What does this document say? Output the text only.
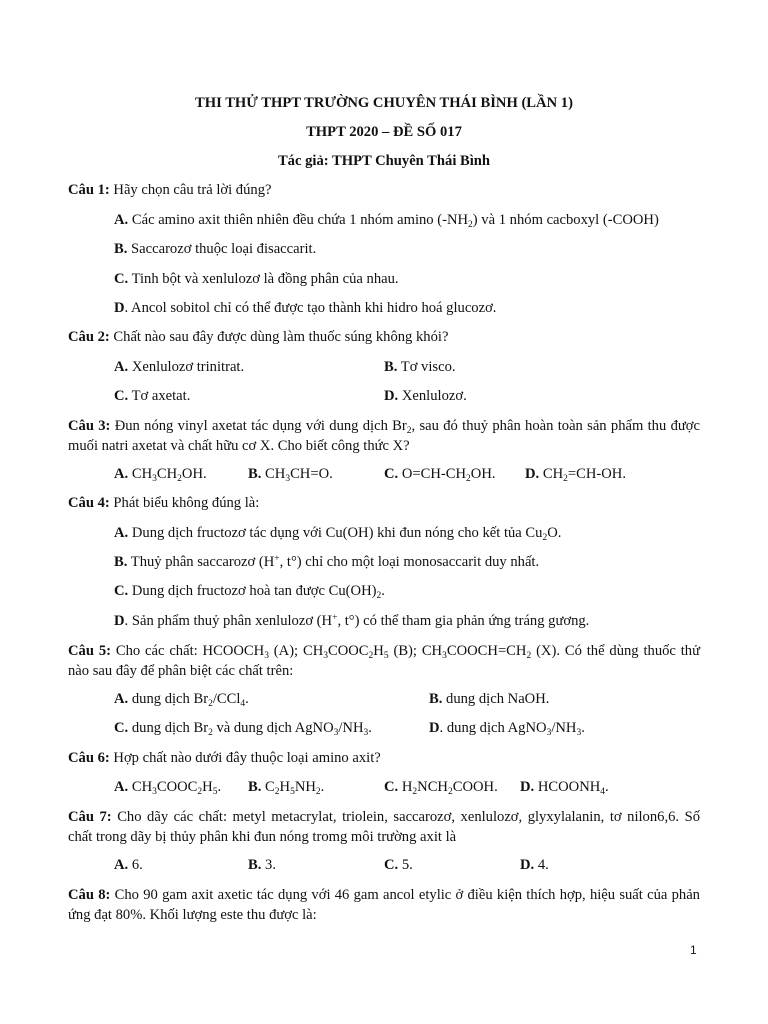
THI THỬ THPT TRƯỜNG CHUYÊN THÁI BÌNH (LẦN 1)
THPT 2020 – ĐỀ SỐ 017
Tác giả: THPT Chuyên Thái Bình
Câu 1: Hãy chọn câu trả lời đúng?
A. Các amino axit thiên nhiên đều chứa 1 nhóm amino $(-NH_2)$ và 1 nhóm cacboxyl (-COOH)
B. Saccarozơ thuộc loại đisaccarit.
C. Tinh bột và xenlulozơ là đồng phân của nhau.
D. Ancol sobitol chỉ có thể được tạo thành khi hidro hoá glucozơ.
Câu 2: Chất nào sau đây được dùng làm thuốc súng không khói?
A. Xenlulozơ trinitrat.	B. Tơ visco.
C. Tơ axetat.	D. Xenlulozơ.
Câu 3: Đun nóng vinyl axetat tác dụng với dung dịch $Br_2$, sau đó thuỷ phân hoàn toàn sản phẩm thu được muối natri axetat và chất hữu cơ X. Cho biết công thức X?
A. $CH_3CH_2OH$.	B. $CH_3CH=O$.	C. $O=CH-CH_2OH$. D. $CH_2=CH-OH$.
Câu 4: Phát biểu không đúng là:
A. Dung dịch fructozơ tác dụng với Cu(OH) khi đun nóng cho kết tủa $Cu_2O$.
B. Thuỷ phân saccarozơ (H+, t°) chỉ cho một loại monosaccarit duy nhất.
C. Dung dịch fructozơ hoà tan được $Cu(OH)_2$.
D. Sản phẩm thuỷ phân xenlulozơ (H+, t°) có thể tham gia phản ứng tráng gương.
Câu 5: Cho các chất: $HCOOCH_3$ (A); $CH_3COOC_2H_5$ (B); $CH_3COOCH=CH_2$ (X). Có thể dùng thuốc thử nào sau đây để phân biệt các chất trên:
A. dung dịch $Br_2/CCl_4$.	B. dung dịch NaOH.
C. dung dịch $Br_2$ và dung dịch $AgNO_3/NH_3$.	D. dung dịch $AgNO_3/NH_3$.
Câu 6: Hợp chất nào dưới đây thuộc loại amino axit?
A. $CH_3COOC_2H_5$. B. $C_2H_5NH_2$.	C. $H_2NCH_2COOH$. D. $HCOONH_4$.
Câu 7: Cho dãy các chất: metyl metacrylat, triolein, saccarozơ, xenlulozơ, glyxylalanin, tơ nilon6,6. Số chất trong dãy bị thủy phân khi đun nóng tromg môi trường axit là
A. 6.	B. 3.	C. 5.	D. 4.
Câu 8: Cho 90 gam axit axetic tác dụng với 46 gam ancol etylic ở điều kiện thích hợp, hiệu suất của phản ứng đạt 80%. Khối lượng este thu được là:
1
